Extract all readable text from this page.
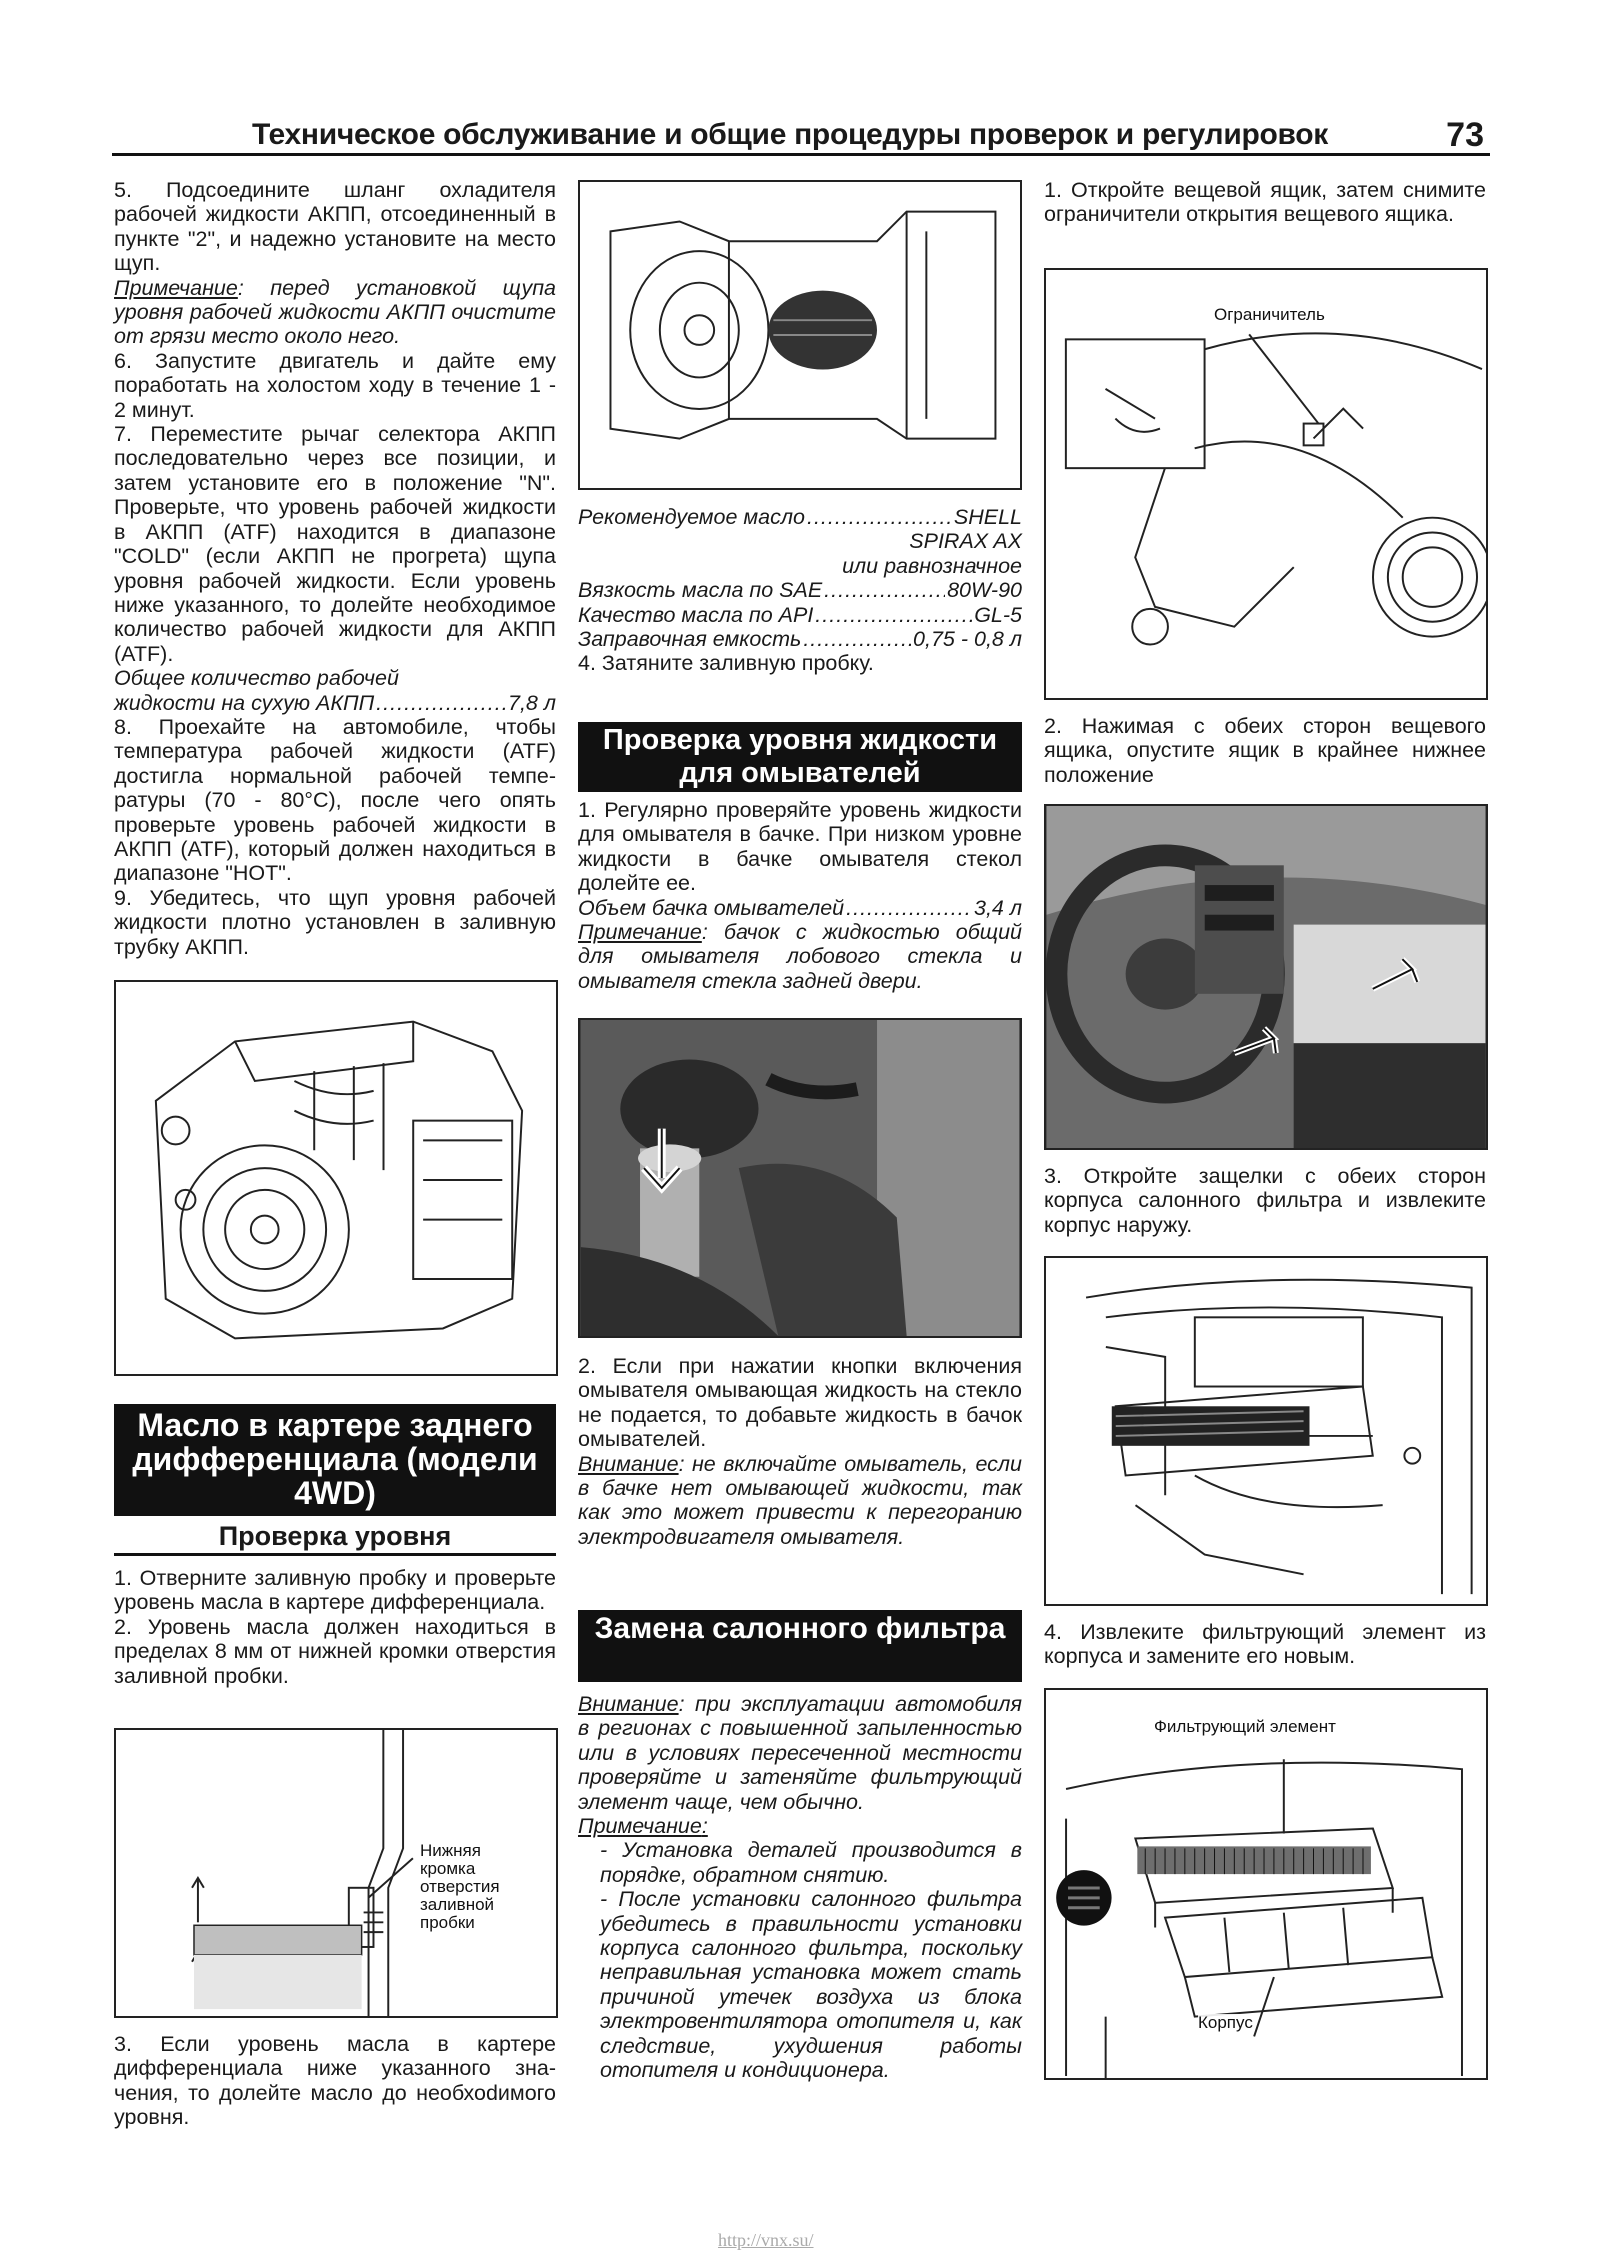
Техническое обслуживание и общие процедуры проверок и регулировок	73

5. Подсоедините шланг охладителя рабочей жидкости АКПП, отсоединенный в пункте "2", и надежно установите на место щуп.

Примечание: перед установкой щупа уровня рабочей жидкости АКПП очистите от грязи место около него.

6. Запустите двигатель и дайте ему поработать на холостом ходу в течение 1 - 2 минут.

7. Переместите рычаг селектора АКПП последовательно через все позиции, и затем установите его в положение "N". Проверьте, что уровень рабочей жидкости в АКПП (ATF) находится в диапазоне "COLD" (если АКПП не прогрета) щупа уровня рабочей жидкости. Если уровень ниже указанного, то долейте необходимое количество рабочей жидкости для АКПП (ATF).

Общее количество рабочей
жидкости на сухую АКПП .....	7,8 л

8. Проехайте на автомобиле, чтобы температура рабочей жидкости (ATF) достигла нормальной рабочей температуры (70 - 80°С), после чего опять проверьте уровень рабочей жидкости в АКПП (ATF), который должен находиться в диапазоне "HOT".

9. Убедитесь, что щуп уровня рабочей жидкости плотно установлен в заливную трубку АКПП.

Масло в картере заднего дифференциала (модели 4WD)
Проверка уровня

1. Отверните заливную пробку и проверьте уровень масла в картере дифференциала.

2. Уровень масла должен находиться в пределах 8 мм от нижней кромки отверстия заливной пробки.

Нижняя кромка отверстия заливной пробки

3. Если уровень масла в картере дифференциала ниже указанного значения, то долейте масло до необхоdимого уровня.

Рекомендуемое масло .....	SHELL
SPIRAX AX
или равнозначное
Вязкость масла по SAE .....	80W-90
Качество масла по API .....	GL-5
Заправочная емкость .....	0,75 - 0,8 л
4. Затяните заливную пробку.
Проверка уровня жидкости для омывателей

1. Регулярно проверяйте уровень жидкости для омывателя в бачке. При низком уровне жидкости в бачке омывателя стекол долейте ее.

Объем бачка омывателей .....	3,4 л

Примечание: бачок с жидкостью общий для омывателя лобового стекла и омывателя стекла задней двери.

2. Если при нажатии кнопки включения омывателя омывающая жидкость на стекло не подается, то добавьте жидкость в бачок омывателей.

Внимание: не включайте омыватель, если в бачке нет омывающей жидкости, так как это может привести к перегоранию электродвигателя омывателя.

Замена салонного фильтра

Внимание: при эксплуатации автомобиля в регионах с повышенной запыленностью или в условиях пересеченной местности проверяйте и заmеняйте фильтрующий элемент чаще, чем обычно.

Примечание:

- Установка деталей производится в порядке, обратном снятию.

- После установки салонного фильтра убедитесь в правильности установки корпуса салонного фильтра, поскольку неправильная установка может стать причиной утечек воздуха из блока электровентилятора отопителя и, как следствие, ухудшения работы отопителя и кондиционера.

1. Откройте вещевой ящик, затем снимите ограничители открытия вещевого ящика.

Ограничитель

2. Нажимая с обеих сторон вещевого ящика, опустите ящик в крайнее нижнее положение

3. Откройте защелки с обеих сторон корпуса салонного фильтра и извлеките корпус наружу.

4. Извлеките фильтрующий элемент из корпуса и замените его новым.

Фильтрующий элемент
Корпус
http://vnx.su/
